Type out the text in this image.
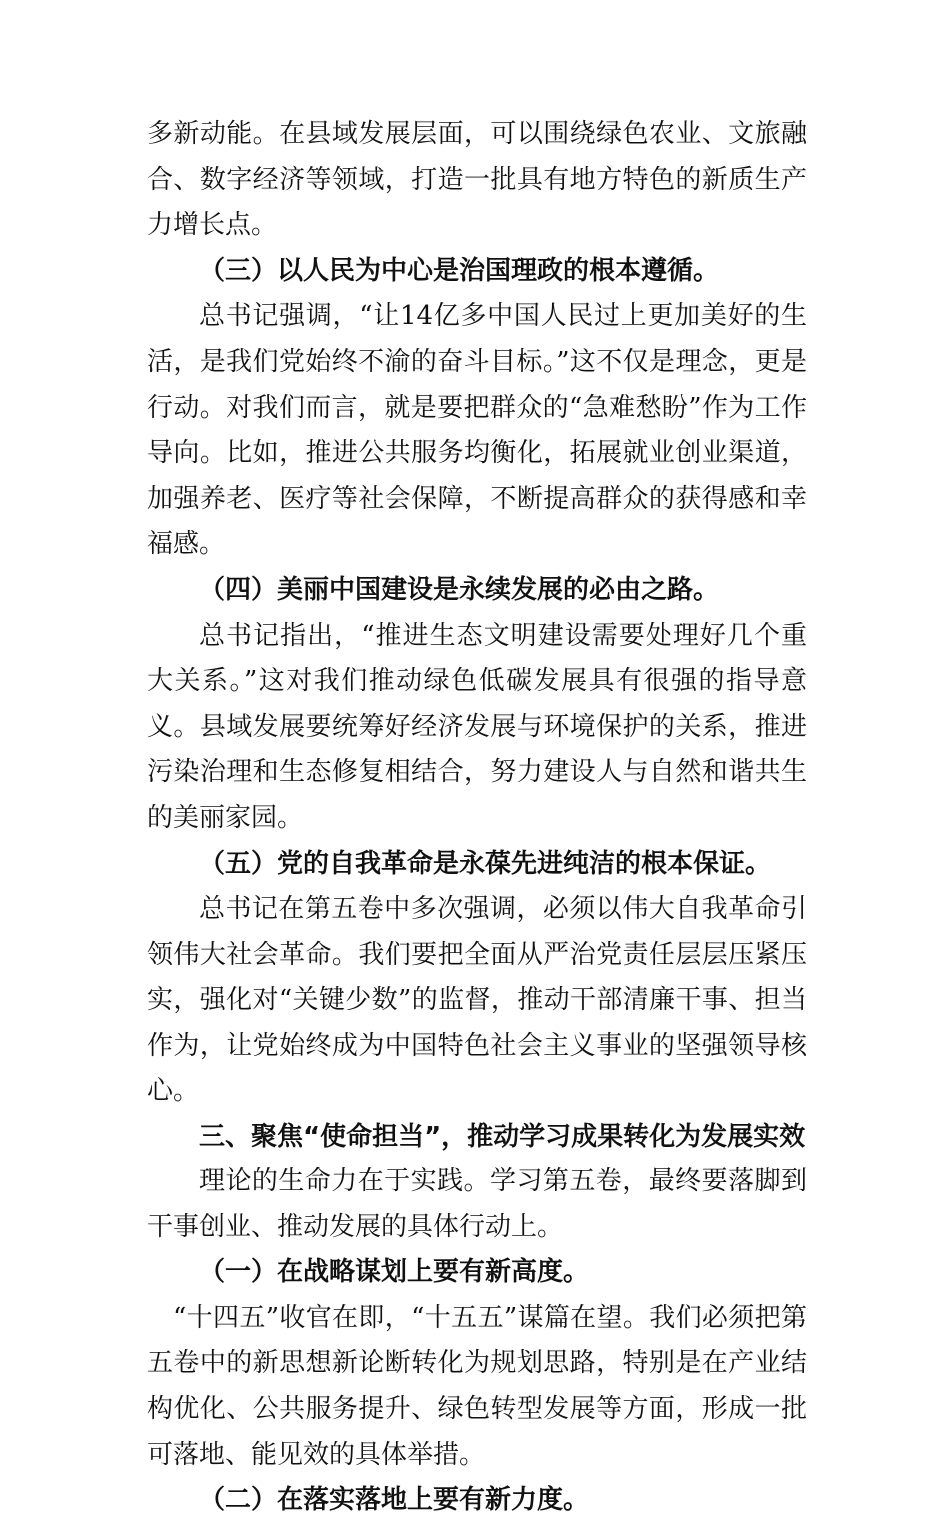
多新动能。在县域发展层面，可以围绕绿色农业、文旅融合、数字经济等领域，打造一批具有地方特色的新质生产力增长点。

（三）以人民为中心是治国理政的根本遵循。

总书记强调，“让14亿多中国人民过上更加美好的生活，是我们党始终不渝的奋斗目标。”这不仅是理念，更是行动。对我们而言，就是要把群众的“急难愁盼”作为工作导向。比如，推进公共服务均衡化，拓展就业创业渠道，加强养老、医疗等社会保障，不断提高群众的获得感和幸福感。

（四）美丽中国建设是永续发展的必由之路。

总书记指出，“推进生态文明建设需要处理好几个重大关系。”这对我们推动绿色低碳发展具有很强的指导意义。县域发展要统筹好经济发展与环境保护的关系，推进污染治理和生态修复相结合，努力建设人与自然和谐共生的美丽家园。

（五）党的自我革命是永葆先进纯洁的根本保证。

总书记在第五卷中多次强调，必须以伟大自我革命引领伟大社会革命。我们要把全面从严治党责任层层压紧压实，强化对“关键少数”的监督，推动干部清廉干事、担当作为，让党始终成为中国特色社会主义事业的坚强领导核心。

三、聚焦“使命担当”，推动学习成果转化为发展实效

理论的生命力在于实践。学习第五卷，最终要落脚到干事创业、推动发展的具体行动上。

（一）在战略谋划上要有新高度。

“十四五”收官在即，“十五五”谋篇在望。我们必须把第五卷中的新思想新论断转化为规划思路，特别是在产业结构优化、公共服务提升、绿色转型发展等方面，形成一批可落地、能见效的具体举措。

（二）在落实落地上要有新力度。
